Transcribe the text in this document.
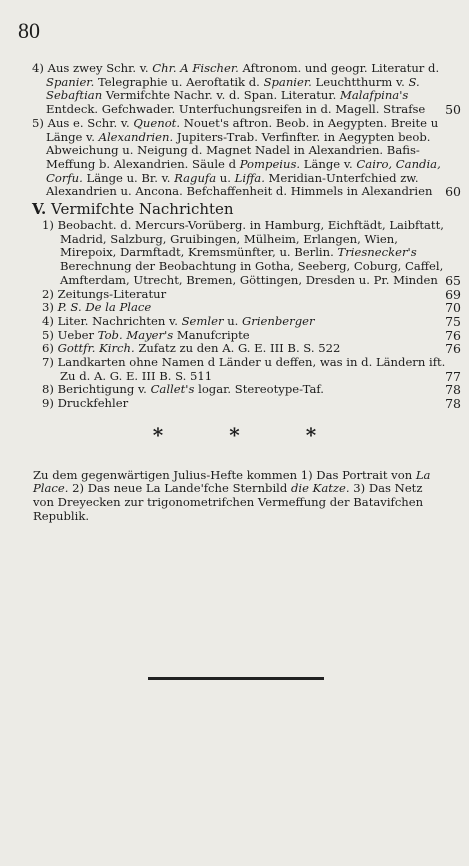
80
4) Aus zwey Schr. v. Chr. A Fischer. Aftronom. und geogr. Literatur d. Spanier. Telegraphie u. Aeroftatik d. Spanier. Leuchtthurm v. S. Sebaftian Vermifchte Nachr. v. d. Span. Literatur. Malafpina's Entdeck. Gefchwader. Unterfuchungsreifen in d. Magell. Strafse 50
5) Aus e. Schr. v. Quenot. Nouet's aftron. Beob. in Aegypten. Breite u Länge v. Alexandrien. Jupiters-Trab. Verfinfter. in Aegypten beob. Abweichung u. Neigung d. Magnet Nadel in Alexandrien. Bafis-Meffung b. Alexandrien. Säule d Pompeius. Länge v. Cairo, Candia, Corfu. Länge u. Br. v. Ragufa u. Liffa. Meridian-Unterfchied zw. Alexandrien u. Ancona. Befchaffenheit d. Himmels in Alexandrien 60
V. Vermifchte Nachrichten
1) Beobacht. d. Mercurs-Vorüberg. in Hamburg, Eichftädt, Laibftatt, Madrid, Salzburg, Gruibingen, Mülheim, Erlangen, Wien, Mirepoix, Darmftadt, Kremsmünfter, u. Berlin. Triesnecker's Berechnung der Beobachtung in Gotha, Seeberg, Coburg, Caffel, Amfterdam, Utrecht, Bremen, Göttingen, Dresden u. Pr. Minden 65
2) Zeitungs-Literatur	69
3) P. S. De la Place	70
4) Liter. Nachrichten v. Semler u. Grienberger	75
5) Ueber Tob. Mayer's Manufcripte	76
6) Gottfr. Kirch. Zufatz zu den A. G. E. III B. S. 522	76
7) Landkarten ohne Namen d Länder u deffen, was in d. Ländern ift. Zu d. A. G. E. III B. S. 511	77
8) Berichtigung v. Callet's logar. Stereotype-Taf.	78
9) Druckfehler	78
*	*	*
Zu dem gegenwärtigen Julius-Hefte kommen 1) Das Portrait von La Place. 2) Das neue La Lande'fche Sternbild die Katze. 3) Das Netz von Dreyecken zur trigonometrifchen Vermeffung der Batavifchen Republik.
